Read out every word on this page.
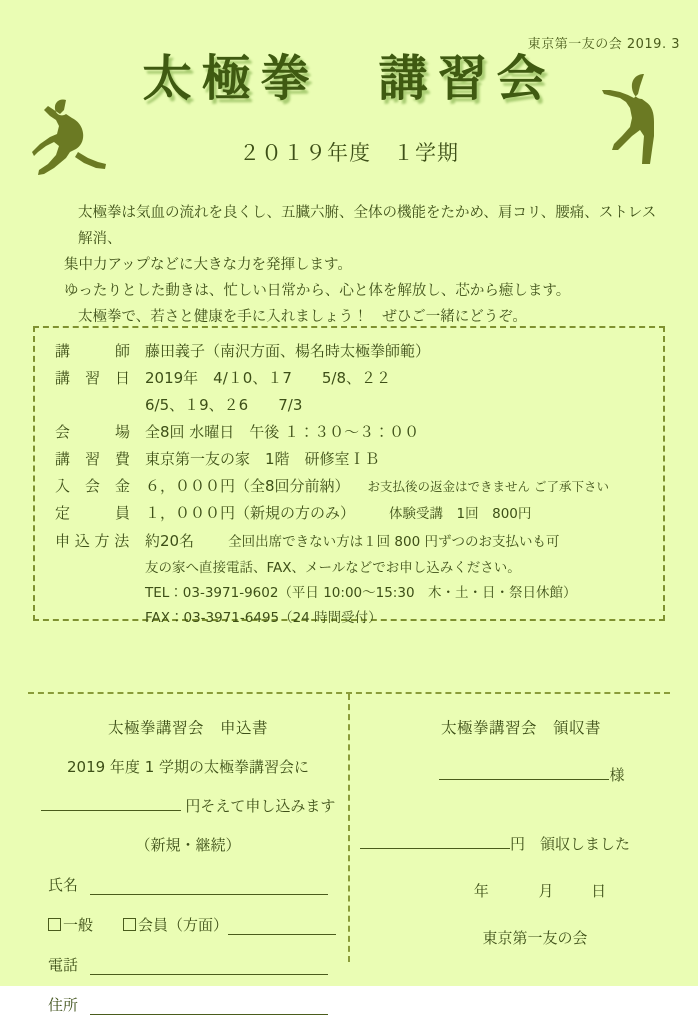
東京第一友の会 2019. 3
太極拳　講習会
２０１９年度　１学期

太極拳は気血の流れを良くし、五臓六腑、全体の機能をたかめ、肩コリ、腰痛、ストレス解消、

集中力アップなどに大きな力を発揮します。

ゆったりとした動きは、忙しい日常から、心と体を解放し、芯から癒します。

太極拳で、若さと健康を手に入れましょう！　ぜひご一緒にどうぞ。

講　　　師 藤田義子（南沢方面、楊名時太極拳師範）
講　習　日 2019年　4/１0、１7　　5/8、２２
6/5、１9、２6　　7/3
会　　　場 全8回 水曜日　午後 １：３０〜３：００
講　習　費 東京第一友の家　1階　研修室ＩＢ
入　会　金 ６，０００円（全8回分前納） お支払後の返金はできません ご了承下さい
定　　　員 １，０００円（新規の方のみ）	体験受講　1回　800円
申 込 方 法	約20名	全回出席できない方は１回 800 円ずつのお支払いも可
友の家へ直接電話、FAX、メールなどでお申し込みください。
TEL：03-3971-9602（平日 10:00〜15:30　木・土・日・祭日休館）
FAX：03-3971-6495（24 時間受付）
太極拳講習会　申込書
2019 年度 1 学期の太極拳講習会に
円そえて申し込みます
（新規・継続）
氏名
一般	会員（方面）
電話
住所
太極拳講習会　領収書
様
円　領収しました
年	月 日
東京第一友の会
